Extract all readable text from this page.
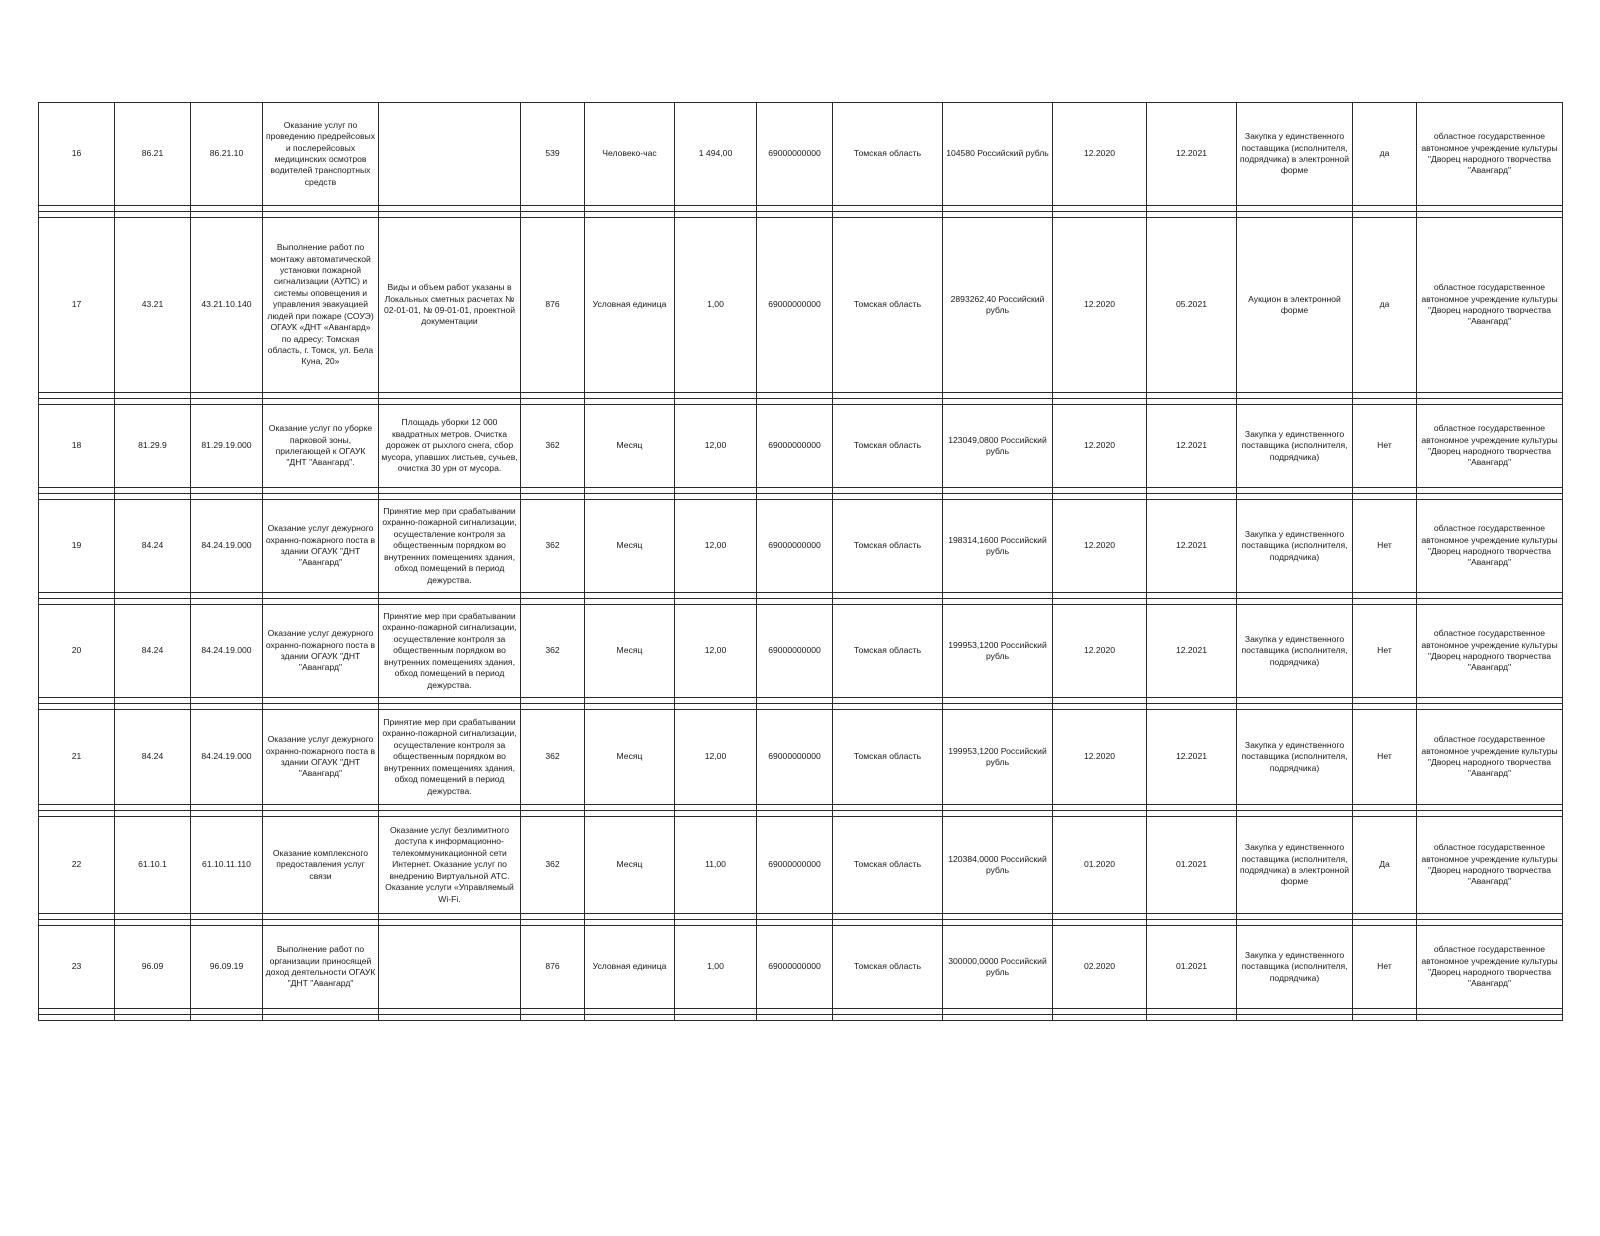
16	86.21	86.21.10	Оказание услуг по проведению предрейсовых и послерейсовых медицинских осмотров водителей транспортных средств		539	Человеко-час	1 494,00	69000000000	Томская область	104580 Российский рубль	12.2020	12.2021	Закупка у единственного поставщика (исполнителя, подрядчика) в электронной форме	да	областное государственное автономное учреждение культуры "Дворец народного творчества "Авангард"

17	43.21	43.21.10.140	Выполнение работ по монтажу автоматической установки пожарной сигнализации (АУПС) и системы оповещения и управления эвакуацией людей при пожаре (СОУЭ) ОГАУК «ДНТ «Авангард» по адресу: Томская область, г. Томск, ул. Бела Куна, 20»	Виды и объем работ указаны в Локальных сметных расчетах № 02-01-01, № 09-01-01, проектной документации	876	Условная единица	1,00	69000000000	Томская область	2893262,40 Российский рубль	12.2020	05.2021	Аукцион в электронной форме	да	областное государственное автономное учреждение культуры "Дворец народного творчества "Авангард"

18	81.29.9	81.29.19.000	Оказание услуг по уборке парковой зоны, прилегающей к ОГАУК "ДНТ "Авангард".	Площадь уборки 12 000 квадратных метров. Очистка дорожек от рыхлого снега, сбор мусора, упавших листьев, сучьев, очистка 30 урн от мусора.	362	Месяц	12,00	69000000000	Томская область	123049,0800 Российский рубль	12.2020	12.2021	Закупка у единственного поставщика (исполнителя, подрядчика)	Нет	областное государственное автономное учреждение культуры "Дворец народного творчества "Авангард"

19	84.24	84.24.19.000	Оказание услуг дежурного охранно-пожарного поста в здании ОГАУК "ДНТ "Авангард"	Принятие мер при срабатывании охранно-пожарной сигнализации, осуществление контроля за общественным порядком во внутренних помещениях здания, обход помещений в период дежурства.	362	Месяц	12,00	69000000000	Томская область	198314,1600 Российский рубль	12.2020	12.2021	Закупка у единственного поставщика (исполнителя, подрядчика)	Нет	областное государственное автономное учреждение культуры "Дворец народного творчества "Авангард"

20	84.24	84.24.19.000	Оказание услуг дежурного охранно-пожарного поста в здании ОГАУК "ДНТ "Авангард"	Принятие мер при срабатывании охранно-пожарной сигнализации, осуществление контроля за общественным порядком во внутренних помещениях здания, обход помещений в период дежурства.	362	Месяц	12,00	69000000000	Томская область	199953,1200 Российский рубль	12.2020	12.2021	Закупка у единственного поставщика (исполнителя, подрядчика)	Нет	областное государственное автономное учреждение культуры "Дворец народного творчества "Авангард"

21	84.24	84.24.19.000	Оказание услуг дежурного охранно-пожарного поста в здании ОГАУК "ДНТ "Авангард"	Принятие мер при срабатывании охранно-пожарной сигнализации, осуществление контроля за общественным порядком во внутренних помещениях здания, обход помещений в период дежурства.	362	Месяц	12,00	69000000000	Томская область	199953,1200 Российский рубль	12.2020	12.2021	Закупка у единственного поставщика (исполнителя, подрядчика)	Нет	областное государственное автономное учреждение культуры "Дворец народного творчества "Авангард"

22	61.10.1	61.10.11.110	Оказание комплексного предоставления услуг связи	Оказание услуг безлимитного доступа к информационно-телекоммуникационной сети Интернет. Оказание услуг по внедрению Виртуальной АТС. Оказание услуги «Управляемый Wi-Fi.	362	Месяц	11,00	69000000000	Томская область	120384,0000 Российский рубль	01.2020	01.2021	Закупка у единственного поставщика (исполнителя, подрядчика) в электронной форме	Да	областное государственное автономное учреждение культуры "Дворец народного творчества "Авангард"

23	96.09	96.09.19	Выполнение работ по организации приносящей доход деятельности ОГАУК "ДНТ "Авангард"		876	Условная единица	1,00	69000000000	Томская область	300000,0000 Российский рубль	02.2020	01.2021	Закупка у единственного поставщика (исполнителя, подрядчика)	Нет	областное государственное автономное учреждение культуры "Дворец народного творчества "Авангард"
